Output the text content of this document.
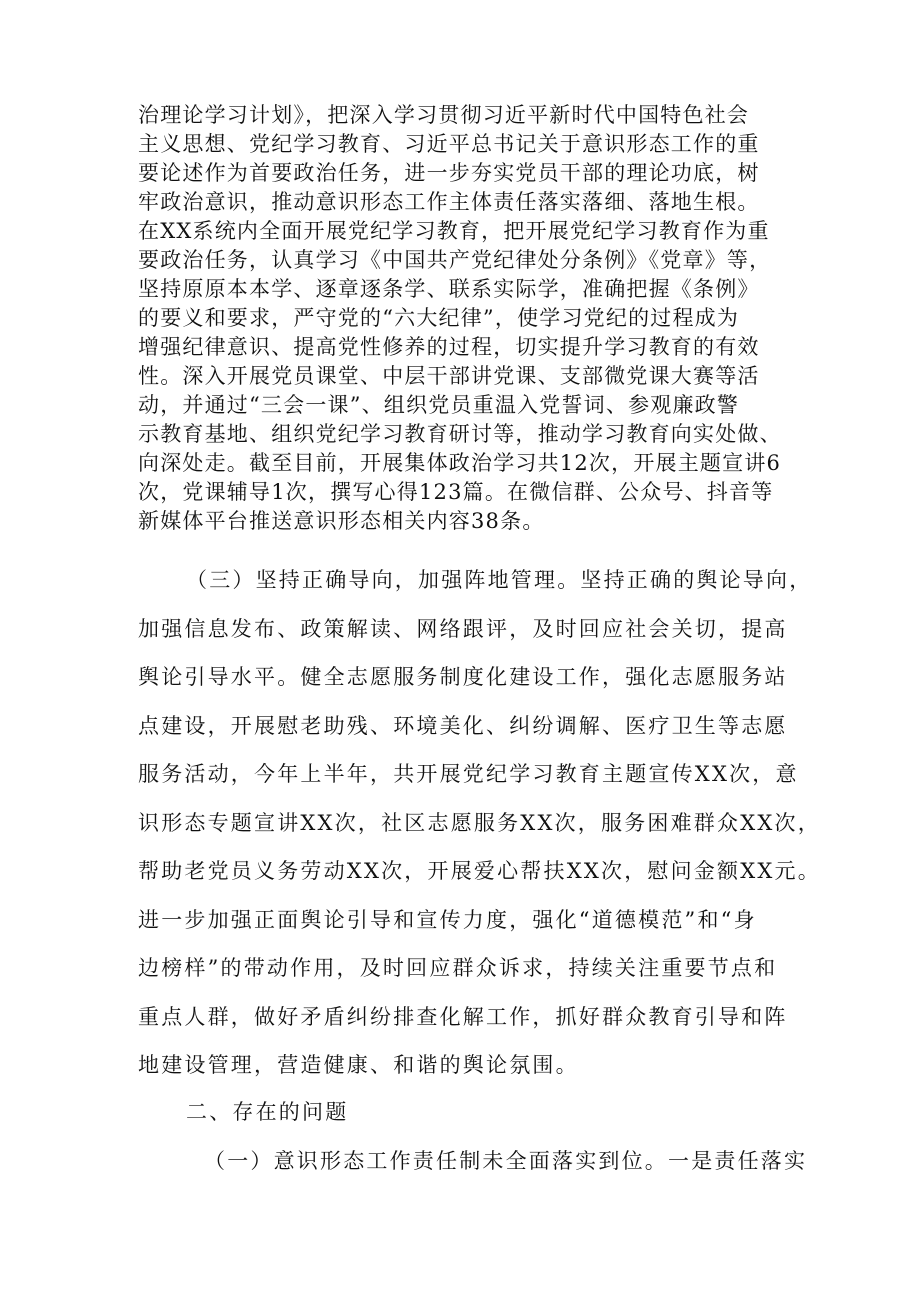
治理论学习计划》，把深入学习贯彻习近平新时代中国特色社会
主义思想、党纪学习教育、习近平总书记关于意识形态工作的重
要论述作为首要政治任务，进一步夯实党员干部的理论功底，树
牢政治意识，推动意识形态工作主体责任落实落细、落地生根。
在XX系统内全面开展党纪学习教育，把开展党纪学习教育作为重
要政治任务，认真学习《中国共产党纪律处分条例》《党章》等，
坚持原原本本学、逐章逐条学、联系实际学，准确把握《条例》
的要义和要求，严守党的“六大纪律”，使学习党纪的过程成为
增强纪律意识、提高党性修养的过程，切实提升学习教育的有效
性。深入开展党员课堂、中层干部讲党课、支部微党课大赛等活
动，并通过“三会一课”、组织党员重温入党誓词、参观廉政警
示教育基地、组织党纪学习教育研讨等，推动学习教育向实处做、
向深处走。截至目前，开展集体政治学习共12次，开展主题宣讲6
次，党课辅导1次，撰写心得123篇。在微信群、公众号、抖音等
新媒体平台推送意识形态相关内容38条。
（三）坚持正确导向，加强阵地管理。坚持正确的舆论导向，
加强信息发布、政策解读、网络跟评，及时回应社会关切，提高
舆论引导水平。健全志愿服务制度化建设工作，强化志愿服务站
点建设，开展慰老助残、环境美化、纠纷调解、医疗卫生等志愿
服务活动，今年上半年，共开展党纪学习教育主题宣传XX次，意
识形态专题宣讲XX次，社区志愿服务XX次，服务困难群众XX次，
帮助老党员义务劳动XX次，开展爱心帮扶XX次，慰问金额XX元。
进一步加强正面舆论引导和宣传力度，强化“道德模范”和“身
边榜样”的带动作用，及时回应群众诉求，持续关注重要节点和
重点人群，做好矛盾纠纷排查化解工作，抓好群众教育引导和阵
地建设管理，营造健康、和谐的舆论氛围。
二、存在的问题
（一）意识形态工作责任制未全面落实到位。一是责任落实
